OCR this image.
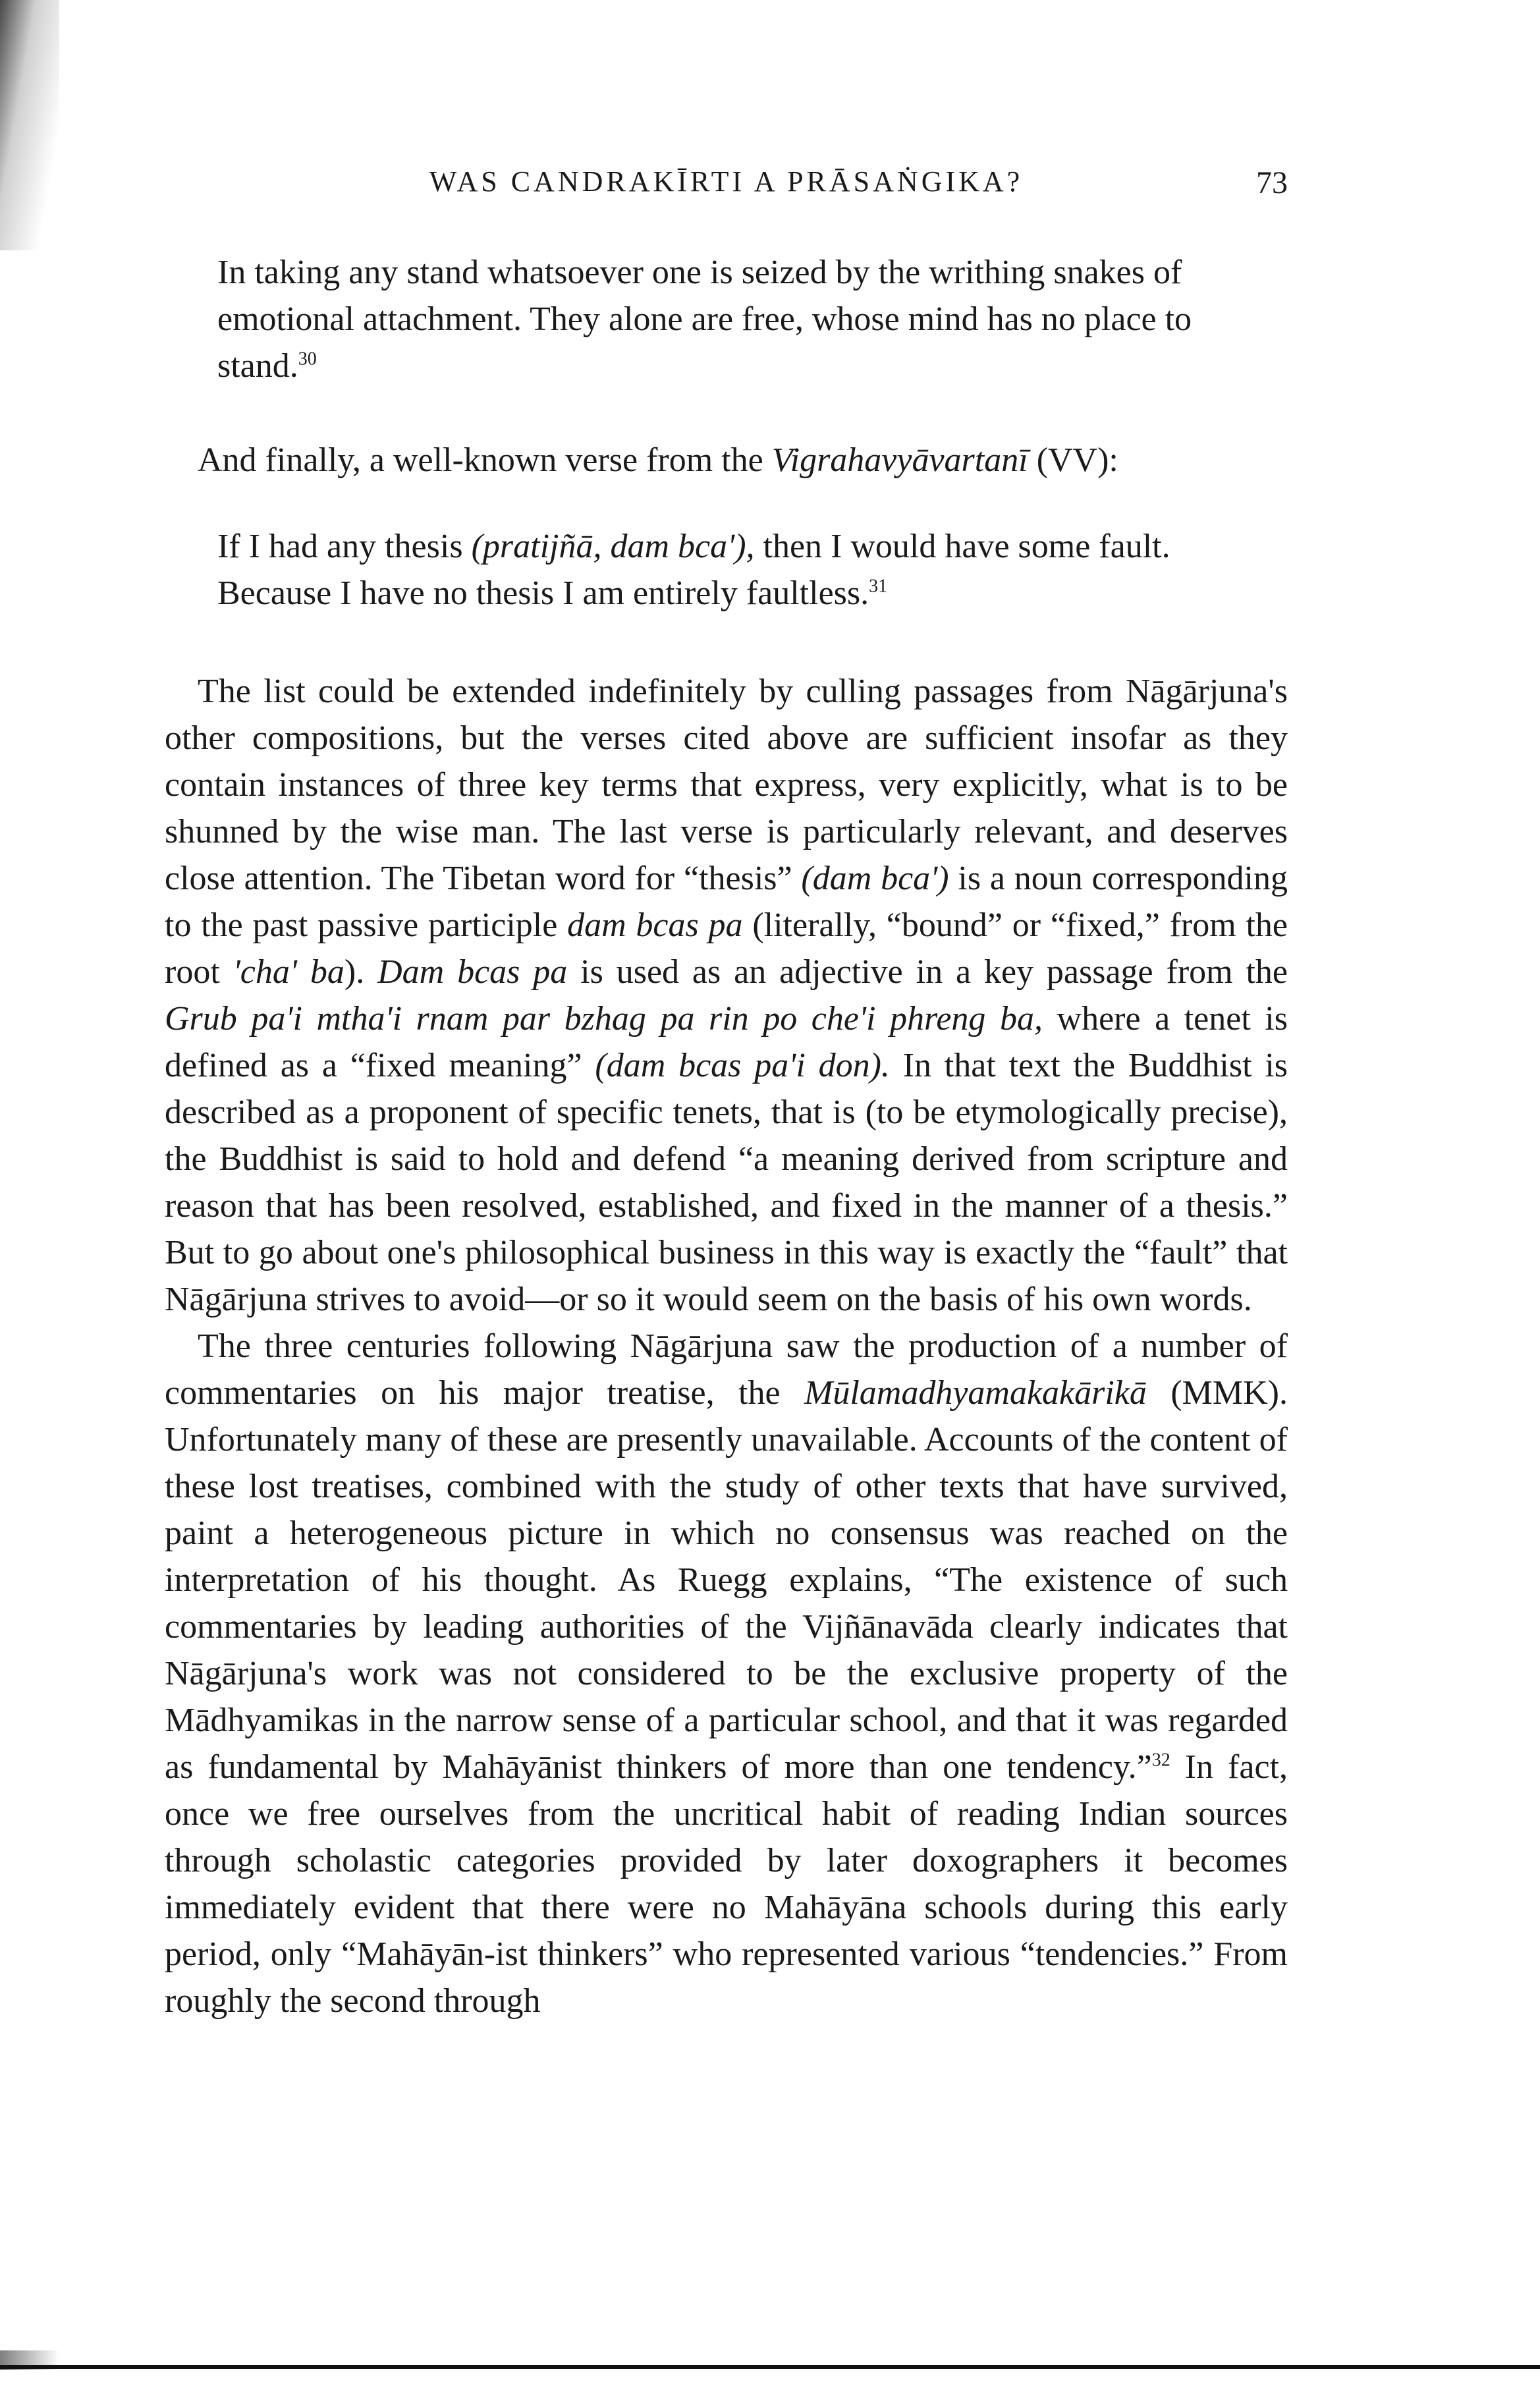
WAS CANDRAKĪRTI A PRĀSAṄGIKA?	73

In taking any stand whatsoever one is seized by the writhing snakes of emotional attachment. They alone are free, whose mind has no place to stand.$^{30}$

And finally, a well-known verse from the Vigrahavyāvartanī (VV):

If I had any thesis (pratijñā, dam bca'), then I would have some fault. Because I have no thesis I am entirely faultless.$^{31}$

The list could be extended indefinitely by culling passages from Nāgārjuna's other compositions, but the verses cited above are sufficient insofar as they contain instances of three key terms that express, very explicitly, what is to be shunned by the wise man. The last verse is particularly relevant, and deserves close attention. The Tibetan word for “thesis” (dam bca') is a noun corresponding to the past passive participle dam bcas pa (literally, “bound” or “fixed,” from the root 'cha' ba). Dam bcas pa is used as an adjective in a key passage from the Grub pa'i mtha'i rnam par bzhag pa rin po che'i phreng ba, where a tenet is defined as a “fixed meaning” (dam bcas pa'i don). In that text the Buddhist is described as a proponent of specific tenets, that is (to be etymologically precise), the Buddhist is said to hold and defend “a meaning derived from scripture and reason that has been resolved, established, and fixed in the manner of a thesis.” But to go about one's philosophical business in this way is exactly the “fault” that Nāgārjuna strives to avoid—or so it would seem on the basis of his own words.

The three centuries following Nāgārjuna saw the production of a number of commentaries on his major treatise, the Mūlamadhyamakakārikā (MMK). Unfortunately many of these are presently unavailable. Accounts of the content of these lost treatises, combined with the study of other texts that have survived, paint a heterogeneous picture in which no consensus was reached on the interpretation of his thought. As Ruegg explains, “The existence of such commentaries by leading authorities of the Vijñānavāda clearly indicates that Nāgārjuna's work was not considered to be the exclusive property of the Mādhyamikas in the narrow sense of a particular school, and that it was regarded as fundamental by Mahāyānist thinkers of more than one tendency.”$^{32}$ In fact, once we free ourselves from the uncritical habit of reading Indian sources through scholastic categories provided by later doxographers it becomes immediately evident that there were no Mahāyāna schools during this early period, only “Mahāyān-ist thinkers” who represented various “tendencies.” From roughly the second through
